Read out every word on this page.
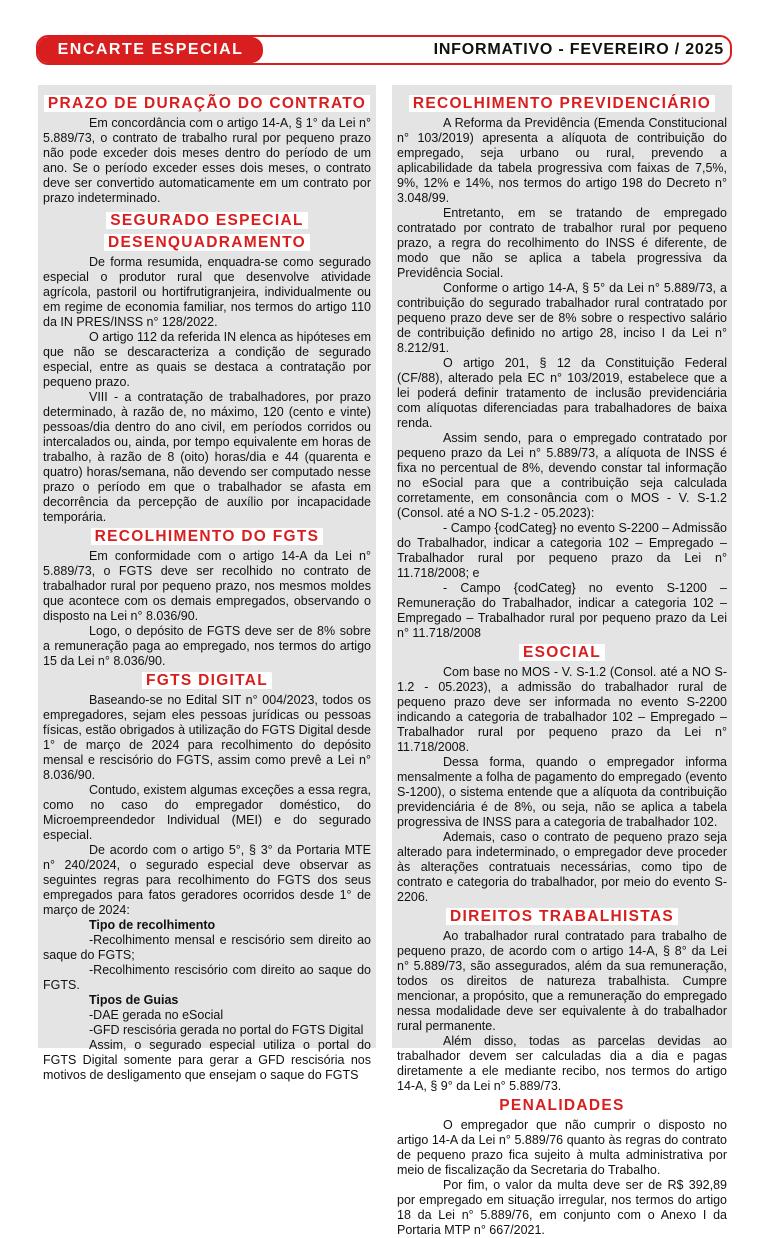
ENCARTE ESPECIAL	INFORMATIVO - FEVEREIRO / 2025
PRAZO DE DURAÇÃO DO CONTRATO

Em concordância com o artigo 14-A, § 1° da Lei n° 5.889/73, o contrato de trabalho rural por pequeno prazo não pode exceder dois meses dentro do período de um ano. Se o período exceder esses dois meses, o contrato deve ser convertido automaticamente em um contrato por prazo indeterminado.

SEGURADO ESPECIAL
DESENQUADRAMENTO

De forma resumida, enquadra-se como segurado especial o produtor rural que desenvolve atividade agrícola, pastoril ou hortifrutigranjeira, individualmente ou em regime de economia familiar, nos termos do artigo 110 da IN PRES/INSS n° 128/2022.

O artigo 112 da referida IN elenca as hipóteses em que não se descaracteriza a condição de segurado especial, entre as quais se destaca a contratação por pequeno prazo.

VIII - a contratação de trabalhadores, por prazo determinado, à razão de, no máximo, 120 (cento e vinte) pessoas/dia dentro do ano civil, em períodos corridos ou intercalados ou, ainda, por tempo equivalente em horas de trabalho, à razão de 8 (oito) horas/dia e 44 (quarenta e quatro) horas/semana, não devendo ser computado nesse prazo o período em que o trabalhador se afasta em decorrência da percepção de auxílio por incapacidade temporária.

RECOLHIMENTO DO FGTS

Em conformidade com o artigo 14-A da Lei n° 5.889/73, o FGTS deve ser recolhido no contrato de trabalhador rural por pequeno prazo, nos mesmos moldes que acontece com os demais empregados, observando o disposto na Lei n° 8.036/90.

Logo, o depósito de FGTS deve ser de 8% sobre a remuneração paga ao empregado, nos termos do artigo 15 da Lei n° 8.036/90.

FGTS DIGITAL

Baseando-se no Edital SIT n° 004/2023, todos os empregadores, sejam eles pessoas jurídicas ou pessoas físicas, estão obrigados à utilização do FGTS Digital desde 1° de março de 2024 para recolhimento do depósito mensal e rescisório do FGTS, assim como prevê a Lei n° 8.036/90.

Contudo, existem algumas exceções a essa regra, como no caso do empregador doméstico, do Microempreendedor Individual (MEI) e do segurado especial.

De acordo com o artigo 5°, § 3° da Portaria MTE n° 240/2024, o segurado especial deve observar as seguintes regras para recolhimento do FGTS dos seus empregados para fatos geradores ocorridos desde 1° de março de 2024:

Tipo de recolhimento

-Recolhimento mensal e rescisório sem direito ao saque do FGTS;

-Recolhimento rescisório com direito ao saque do FGTS.

Tipos de Guias

-DAE gerada no eSocial

-GFD rescisória gerada no portal do FGTS Digital

Assim, o segurado especial utiliza o portal do FGTS Digital somente para gerar a GFD rescisória nos motivos de desligamento que ensejam o saque do FGTS

RECOLHIMENTO PREVIDENCIÁRIO

A Reforma da Previdência (Emenda Constitucional n° 103/2019) apresenta a alíquota de contribuição do empregado, seja urbano ou rural, prevendo a aplicabilidade da tabela progressiva com faixas de 7,5%, 9%, 12% e 14%, nos termos do artigo 198 do Decreto n° 3.048/99.

Entretanto, em se tratando de empregado contratado por contrato de trabalhor rural por pequeno prazo, a regra do recolhimento do INSS é diferente, de modo que não se aplica a tabela progressiva da Previdência Social.

Conforme o artigo 14-A, § 5° da Lei n° 5.889/73, a contribuição do segurado trabalhador rural contratado por pequeno prazo deve ser de 8% sobre o respectivo salário de contribuição definido no artigo 28, inciso I da Lei n° 8.212/91.

O artigo 201, § 12 da Constituição Federal (CF/88), alterado pela EC n° 103/2019, estabelece que a lei poderá definir tratamento de inclusão previdenciária com alíquotas diferenciadas para trabalhadores de baixa renda.

Assim sendo, para o empregado contratado por pequeno prazo da Lei n° 5.889/73, a alíquota de INSS é fixa no percentual de 8%, devendo constar tal informação no eSocial para que a contribuição seja calculada corretamente, em consonância com o MOS - V. S-1.2 (Consol. até a NO S-1.2 - 05.2023):

- Campo {codCateg} no evento S-2200 – Admissão do Trabalhador, indicar a categoria 102 – Empregado – Trabalhador rural por pequeno prazo da Lei n° 11.718/2008; e

- Campo {codCateg} no evento S-1200 – Remuneração do Trabalhador, indicar a categoria 102 – Empregado – Trabalhador rural por pequeno prazo da Lei n° 11.718/2008

ESOCIAL

Com base no MOS - V. S-1.2 (Consol. até a NO S-1.2 - 05.2023), a admissão do trabalhador rural de pequeno prazo deve ser informada no evento S-2200 indicando a categoria de trabalhador 102 – Empregado – Trabalhador rural por pequeno prazo da Lei n° 11.718/2008.

Dessa forma, quando o empregador informa mensalmente a folha de pagamento do empregado (evento S-1200), o sistema entende que a alíquota da contribuição previdenciária é de 8%, ou seja, não se aplica a tabela progressiva de INSS para a categoria de trabalhador 102.

Ademais, caso o contrato de pequeno prazo seja alterado para indeterminado, o empregador deve proceder às alterações contratuais necessárias, como tipo de contrato e categoria do trabalhador, por meio do evento S-2206.

DIREITOS TRABALHISTAS

Ao trabalhador rural contratado para trabalho de pequeno prazo, de acordo com o artigo 14-A, § 8° da Lei n° 5.889/73, são assegurados, além da sua remuneração, todos os direitos de natureza trabalhista. Cumpre mencionar, a propósito, que a remuneração do empregado nessa modalidade deve ser equivalente à do trabalhador rural permanente.

Além disso, todas as parcelas devidas ao trabalhador devem ser calculadas dia a dia e pagas diretamente a ele mediante recibo, nos termos do artigo 14-A, § 9° da Lei n° 5.889/73.

PENALIDADES

O empregador que não cumprir o disposto no artigo 14-A da Lei n° 5.889/76 quanto às regras do contrato de pequeno prazo fica sujeito à multa administrativa por meio de fiscalização da Secretaria do Trabalho.

Por fim, o valor da multa deve ser de R$ 392,89 por empregado em situação irregular, nos termos do artigo 18 da Lei n° 5.889/76, em conjunto com o Anexo I da Portaria MTP n° 667/2021.
